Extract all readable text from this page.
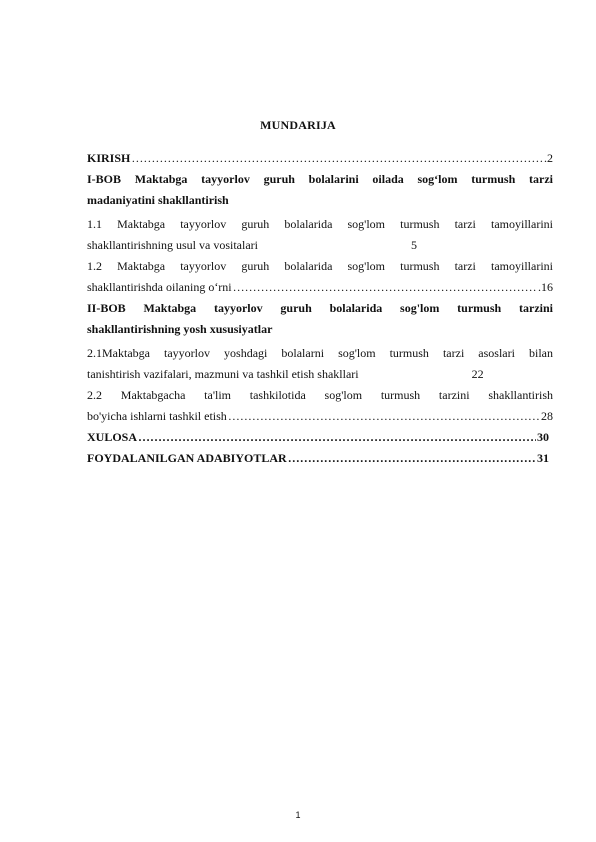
MUNDARIJA
KIRISH ……………………………………………………………………………………………………………………………………………………………………………………	.2
I-BOB Maktabga tayyorlov guruh bolalarini oilada sog‘lom turmush tarzi
madaniyatini shakllantirish
1.1 Maktabga tayyorlov guruh bolalarida sog'lom turmush tarzi tamoyillarini
shakllantirishning usul va vositalari	5
1.2 Maktabga tayyorlov guruh bolalarida sog'lom turmush tarzi tamoyillarini
shakllantirishda oilaning o‘rni ……………………………………………………………………………………………………………………………………………………………………………………	.16
II-BOB Maktabga tayyorlov guruh bolalarida sog'lom turmush tarzini
shakllantirishning yosh xususiyatlar
2.1Maktabga tayyorlov yoshdagi bolalarni sog'lom turmush tarzi asoslari bilan
tanishtirish vazifalari, mazmuni va tashkil etish shakllari	22
2.2 Maktabgacha ta'lim tashkilotida sog'lom turmush tarzini shakllantirish
bo'yicha ishlarni tashkil etish ……………………………………………………………………………………………………………………………………………………………………………………	28
XULOSA ……………………………………………………………………………………………………………………………………………………………………………………	30
FOYDALANILGAN ADABIYOTLAR ……………………………………………………………………………………………………………………………………………………………………………………	31
1
